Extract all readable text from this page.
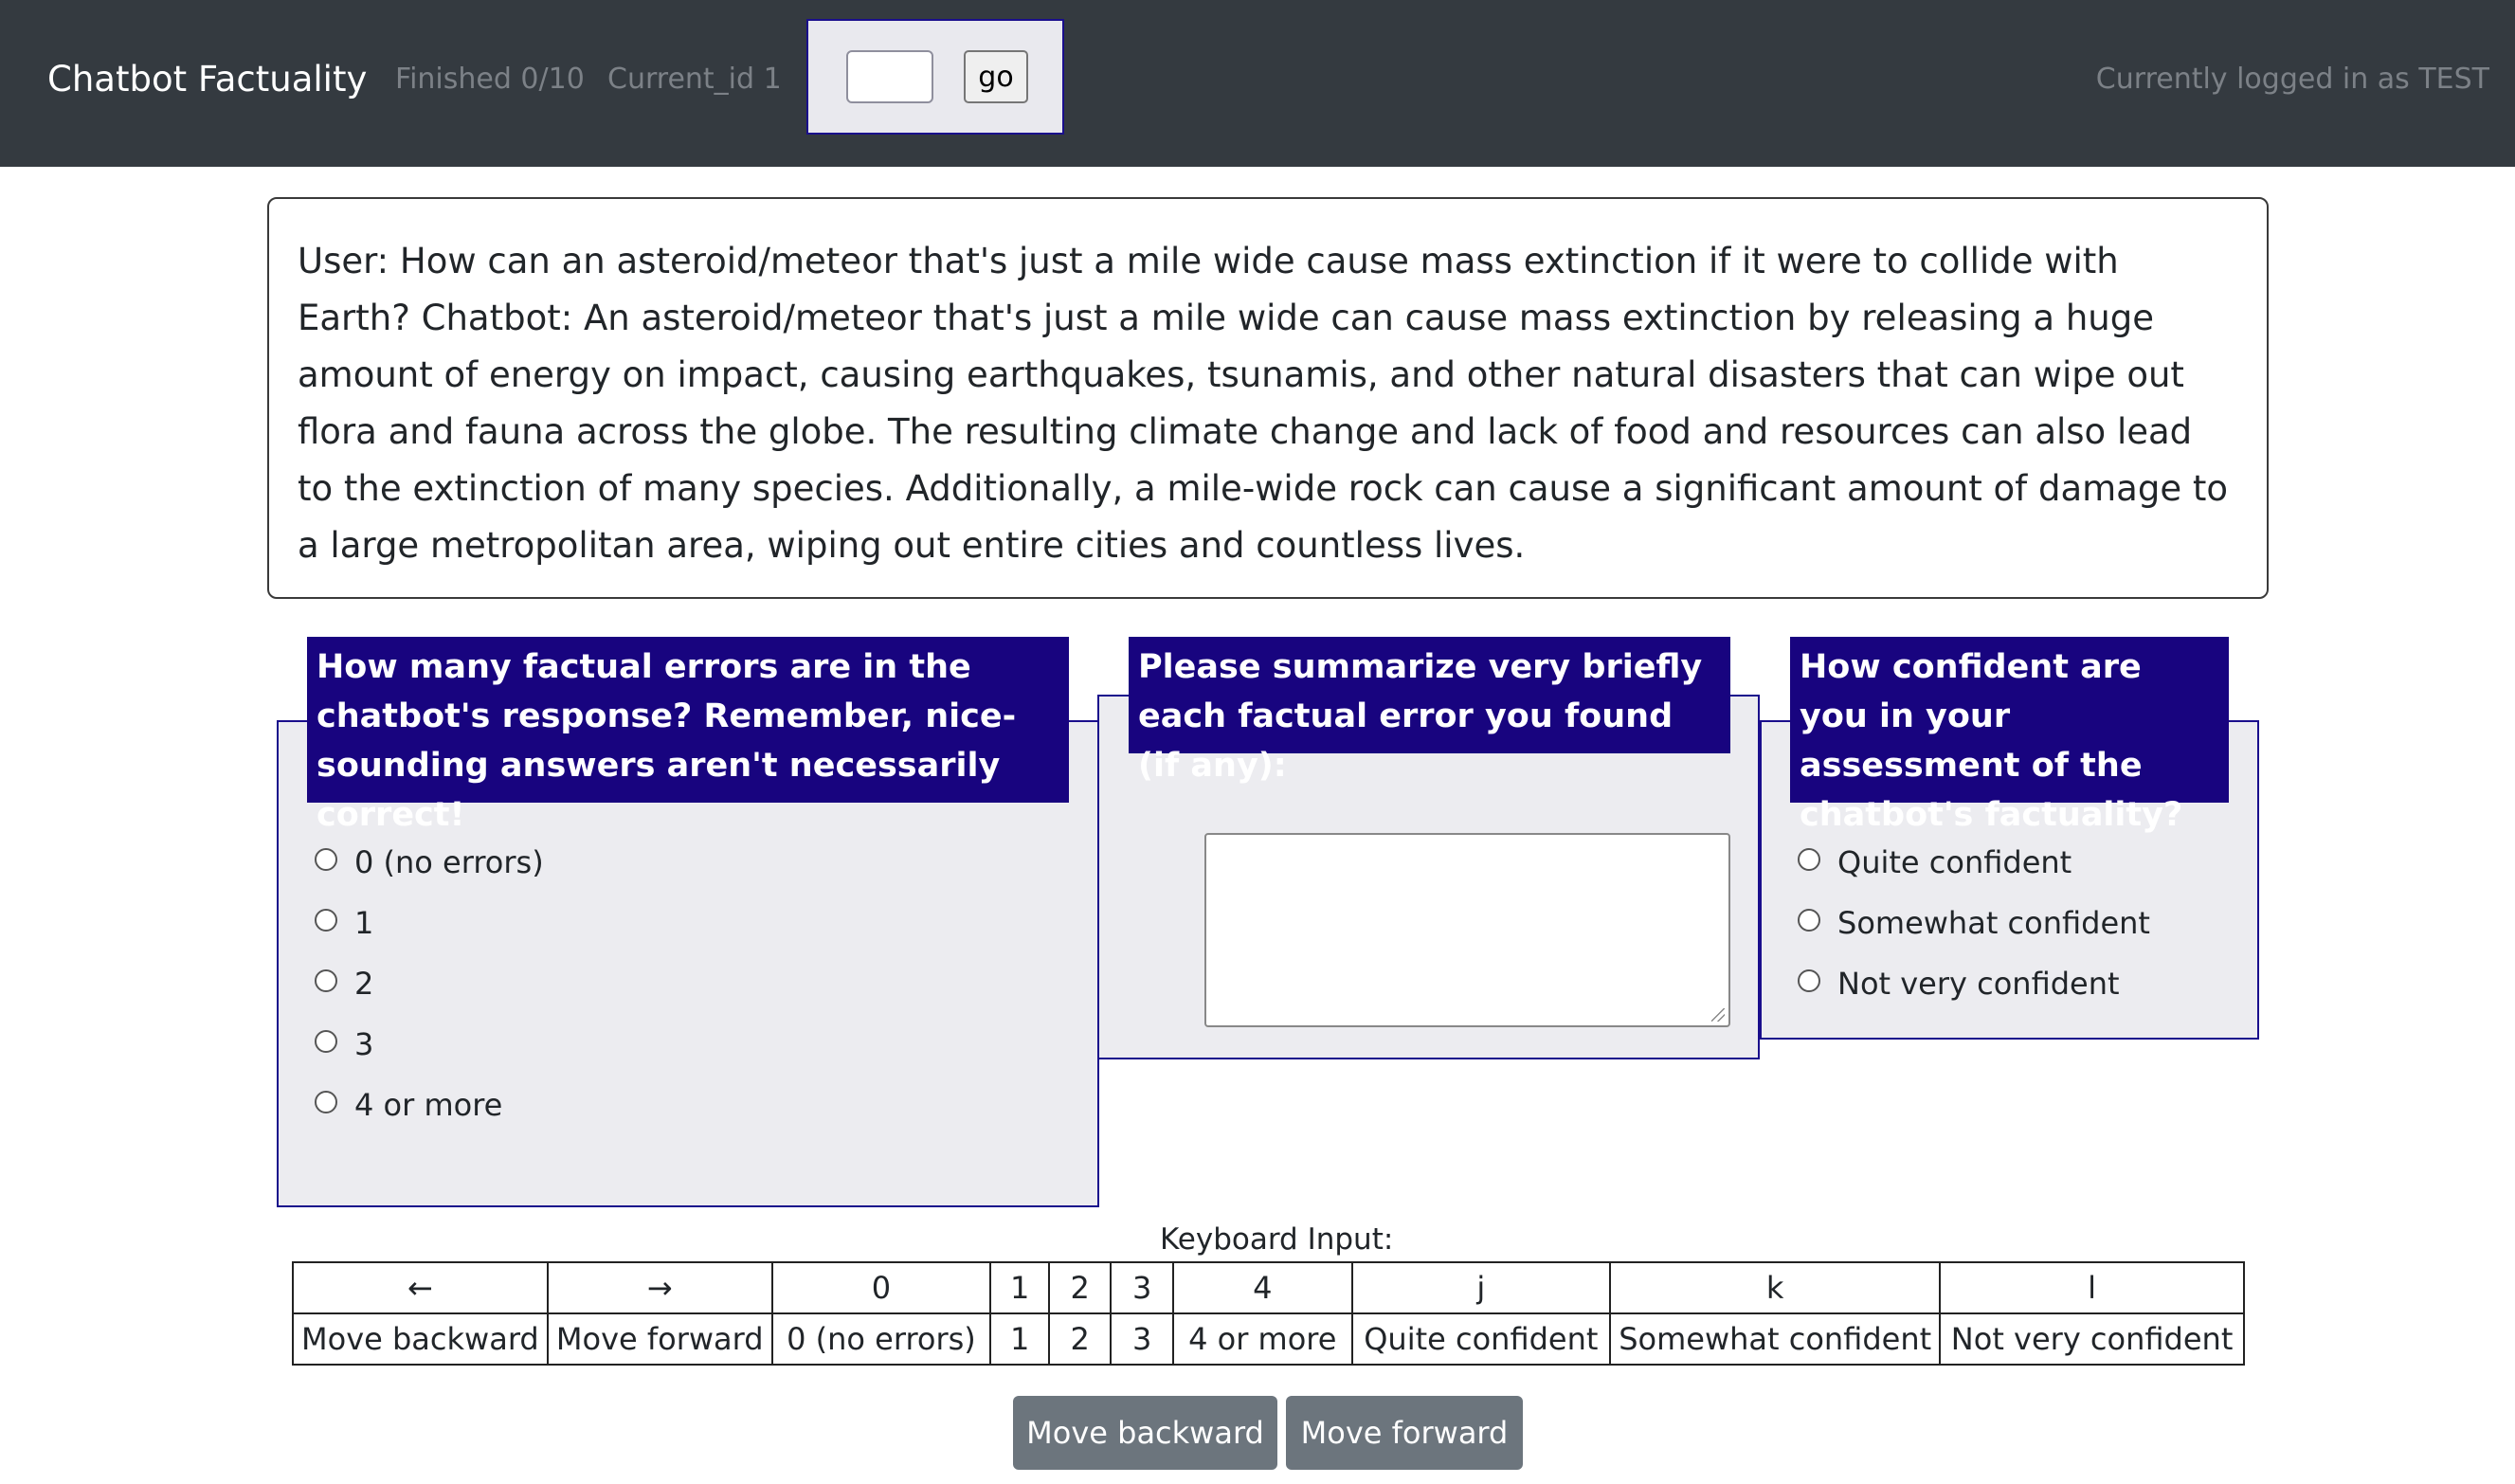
Chatbot Factuality Finished 0/10 Current_id 1	go	Currently logged in as TEST
User: How can an asteroid/meteor that's just a mile wide cause mass extinction if it were to collide with Earth? Chatbot: An asteroid/meteor that's just a mile wide can cause mass extinction by releasing a huge amount of energy on impact, causing earthquakes, tsunamis, and other natural disasters that can wipe out flora and fauna across the globe. The resulting climate change and lack of food and resources can also lead to the extinction of many species. Additionally, a mile-wide rock can cause a significant amount of damage to a large metropolitan area, wiping out entire cities and countless lives.
How many factual errors are in the chatbot's response? Remember, nice-sounding answers aren't necessarily correct!
0 (no errors)
1
2
3
4 or more
Please summarize very briefly each factual error you found (if any):
How confident are you in your assessment of the chatbot's factuality?
Quite confident
Somewhat confident
Not very confident
Keyboard Input:
←	→	0	1	2	3	4	j	k	l
Move backward	Move forward	0 (no errors)	1	2	3	4 or more	Quite confident	Somewhat confident	Not very confident
Move backward	Move forward
